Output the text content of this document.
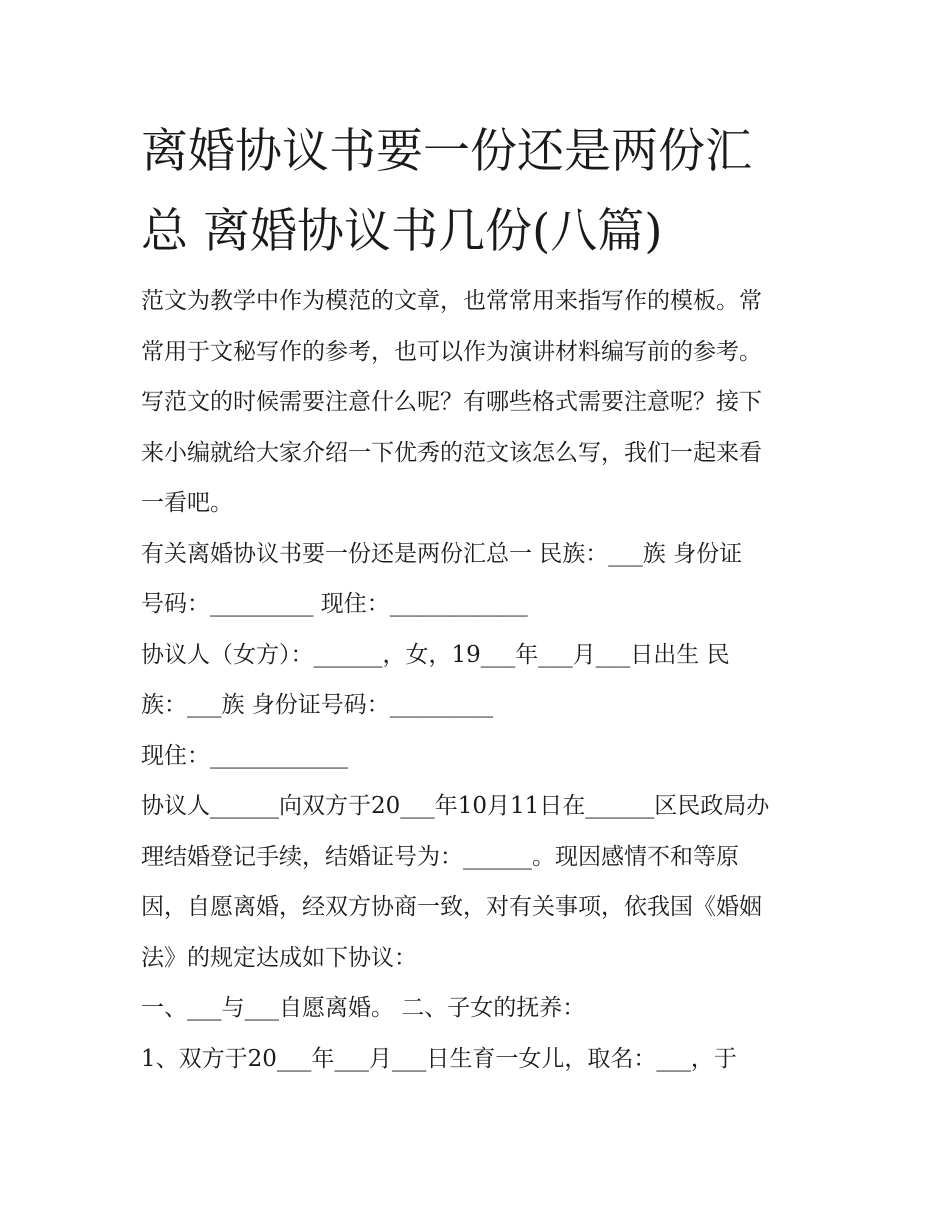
离婚协议书要一份还是两份汇
总 离婚协议书几份(八篇)
范文为教学中作为模范的文章，也常常用来指写作的模板。常
常用于文秘写作的参考，也可以作为演讲材料编写前的参考。
写范文的时候需要注意什么呢？有哪些格式需要注意呢？接下
来小编就给大家介绍一下优秀的范文该怎么写，我们一起来看
一看吧。
有关离婚协议书要一份还是两份汇总一 民族：___族 身份证
号码：_________ 现住：____________
协议人（女方）：______，女，19___年___月___日出生 民
族：___族 身份证号码：_________
现住：____________
协议人______向双方于20___年10月11日在______区民政局办
理结婚登记手续，结婚证号为：______。现因感情不和等原
因，自愿离婚，经双方协商一致，对有关事项，依我国《婚姻
法》的规定达成如下协议：
一、___与___自愿离婚。 二、子女的抚养：
1、双方于20___年___月___日生育一女儿，取名：___，于
